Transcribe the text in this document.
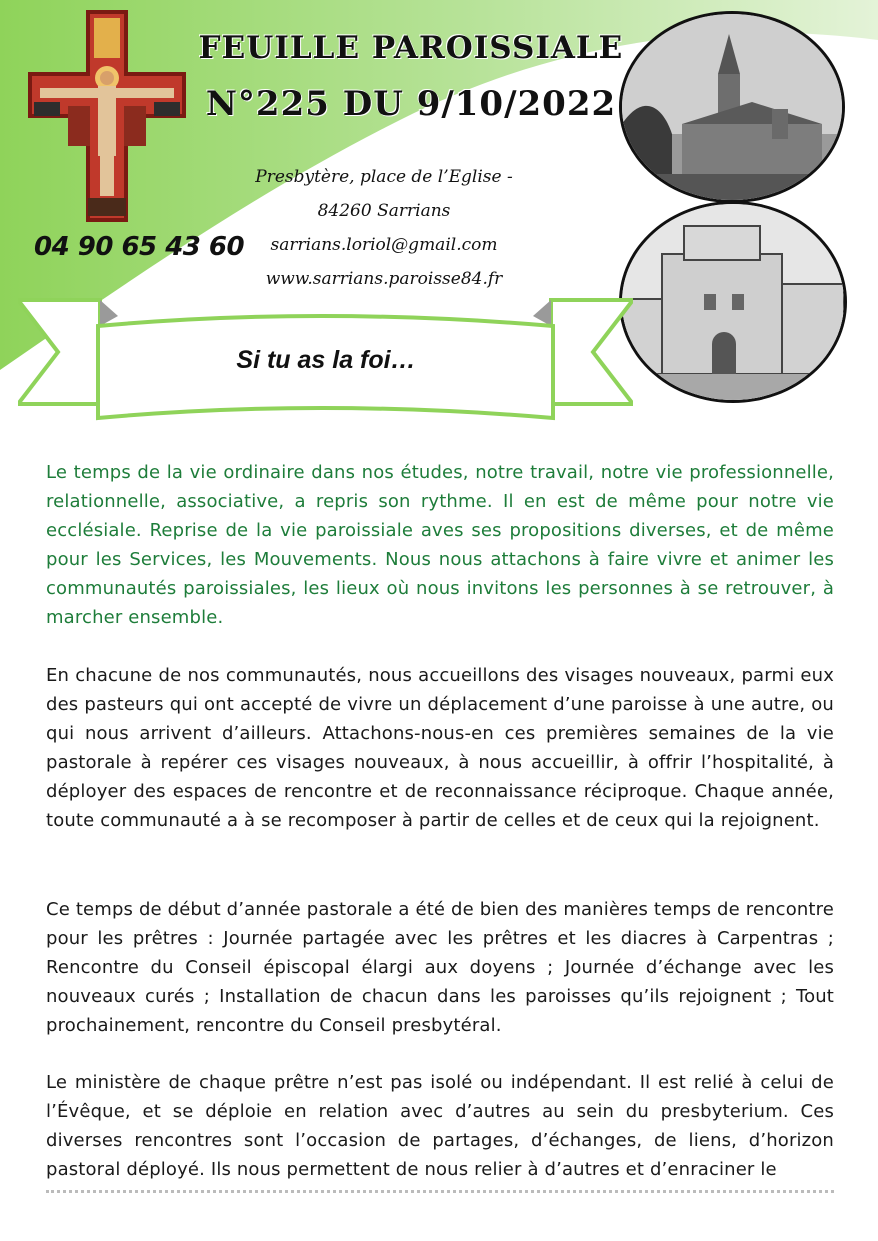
FEUILLE PAROISSIALE
N°225 DU 9/10/2022
Presbytère, place de l’Eglise -
84260 Sarrians
sarrians.loriol@gmail.com
www.sarrians.paroisse84.fr
04 90 65 43 60
Si tu as la foi…
Le temps de la vie ordinaire dans nos études, notre travail, notre vie professionnelle, relationnelle, associative, a repris son rythme. Il en est de même pour notre vie ecclésiale. Reprise de la vie paroissiale aves ses propositions diverses, et de même pour les Services, les Mouvements. Nous nous attachons à faire vivre et animer les communautés paroissiales, les lieux où nous invitons les personnes à se retrouver, à marcher ensemble.
En chacune de nos communautés, nous accueillons des visages nouveaux, parmi eux des pasteurs qui ont accepté de vivre un déplacement d’une paroisse à une autre, ou qui nous arrivent d’ailleurs. Attachons-nous-en ces premières semaines de la vie pastorale à repérer ces visages nouveaux, à nous accueillir, à offrir l’hospitalité, à déployer des espaces de rencontre et de reconnaissance réciproque. Chaque année, toute communauté a à se recomposer à partir de celles et de ceux qui la rejoignent.
Ce temps de début d’année pastorale a été de bien des manières temps de rencontre pour les prêtres : Journée partagée avec les prêtres et les diacres à Carpentras ; Rencontre du Conseil épiscopal élargi aux doyens ; Journée d’échange avec les nouveaux curés ; Installation de chacun dans les paroisses qu’ils rejoignent ; Tout prochainement, rencontre du Conseil presbytéral.
Le ministère de chaque prêtre n’est pas isolé ou indépendant. Il est relié à celui de l’Évêque, et se déploie en relation avec d’autres au sein du presbyterium. Ces diverses rencontres sont l’occasion de partages, d’échanges, de liens, d’horizon pastoral déployé. Ils nous permettent de nous relier à d’autres et d’enraciner le
